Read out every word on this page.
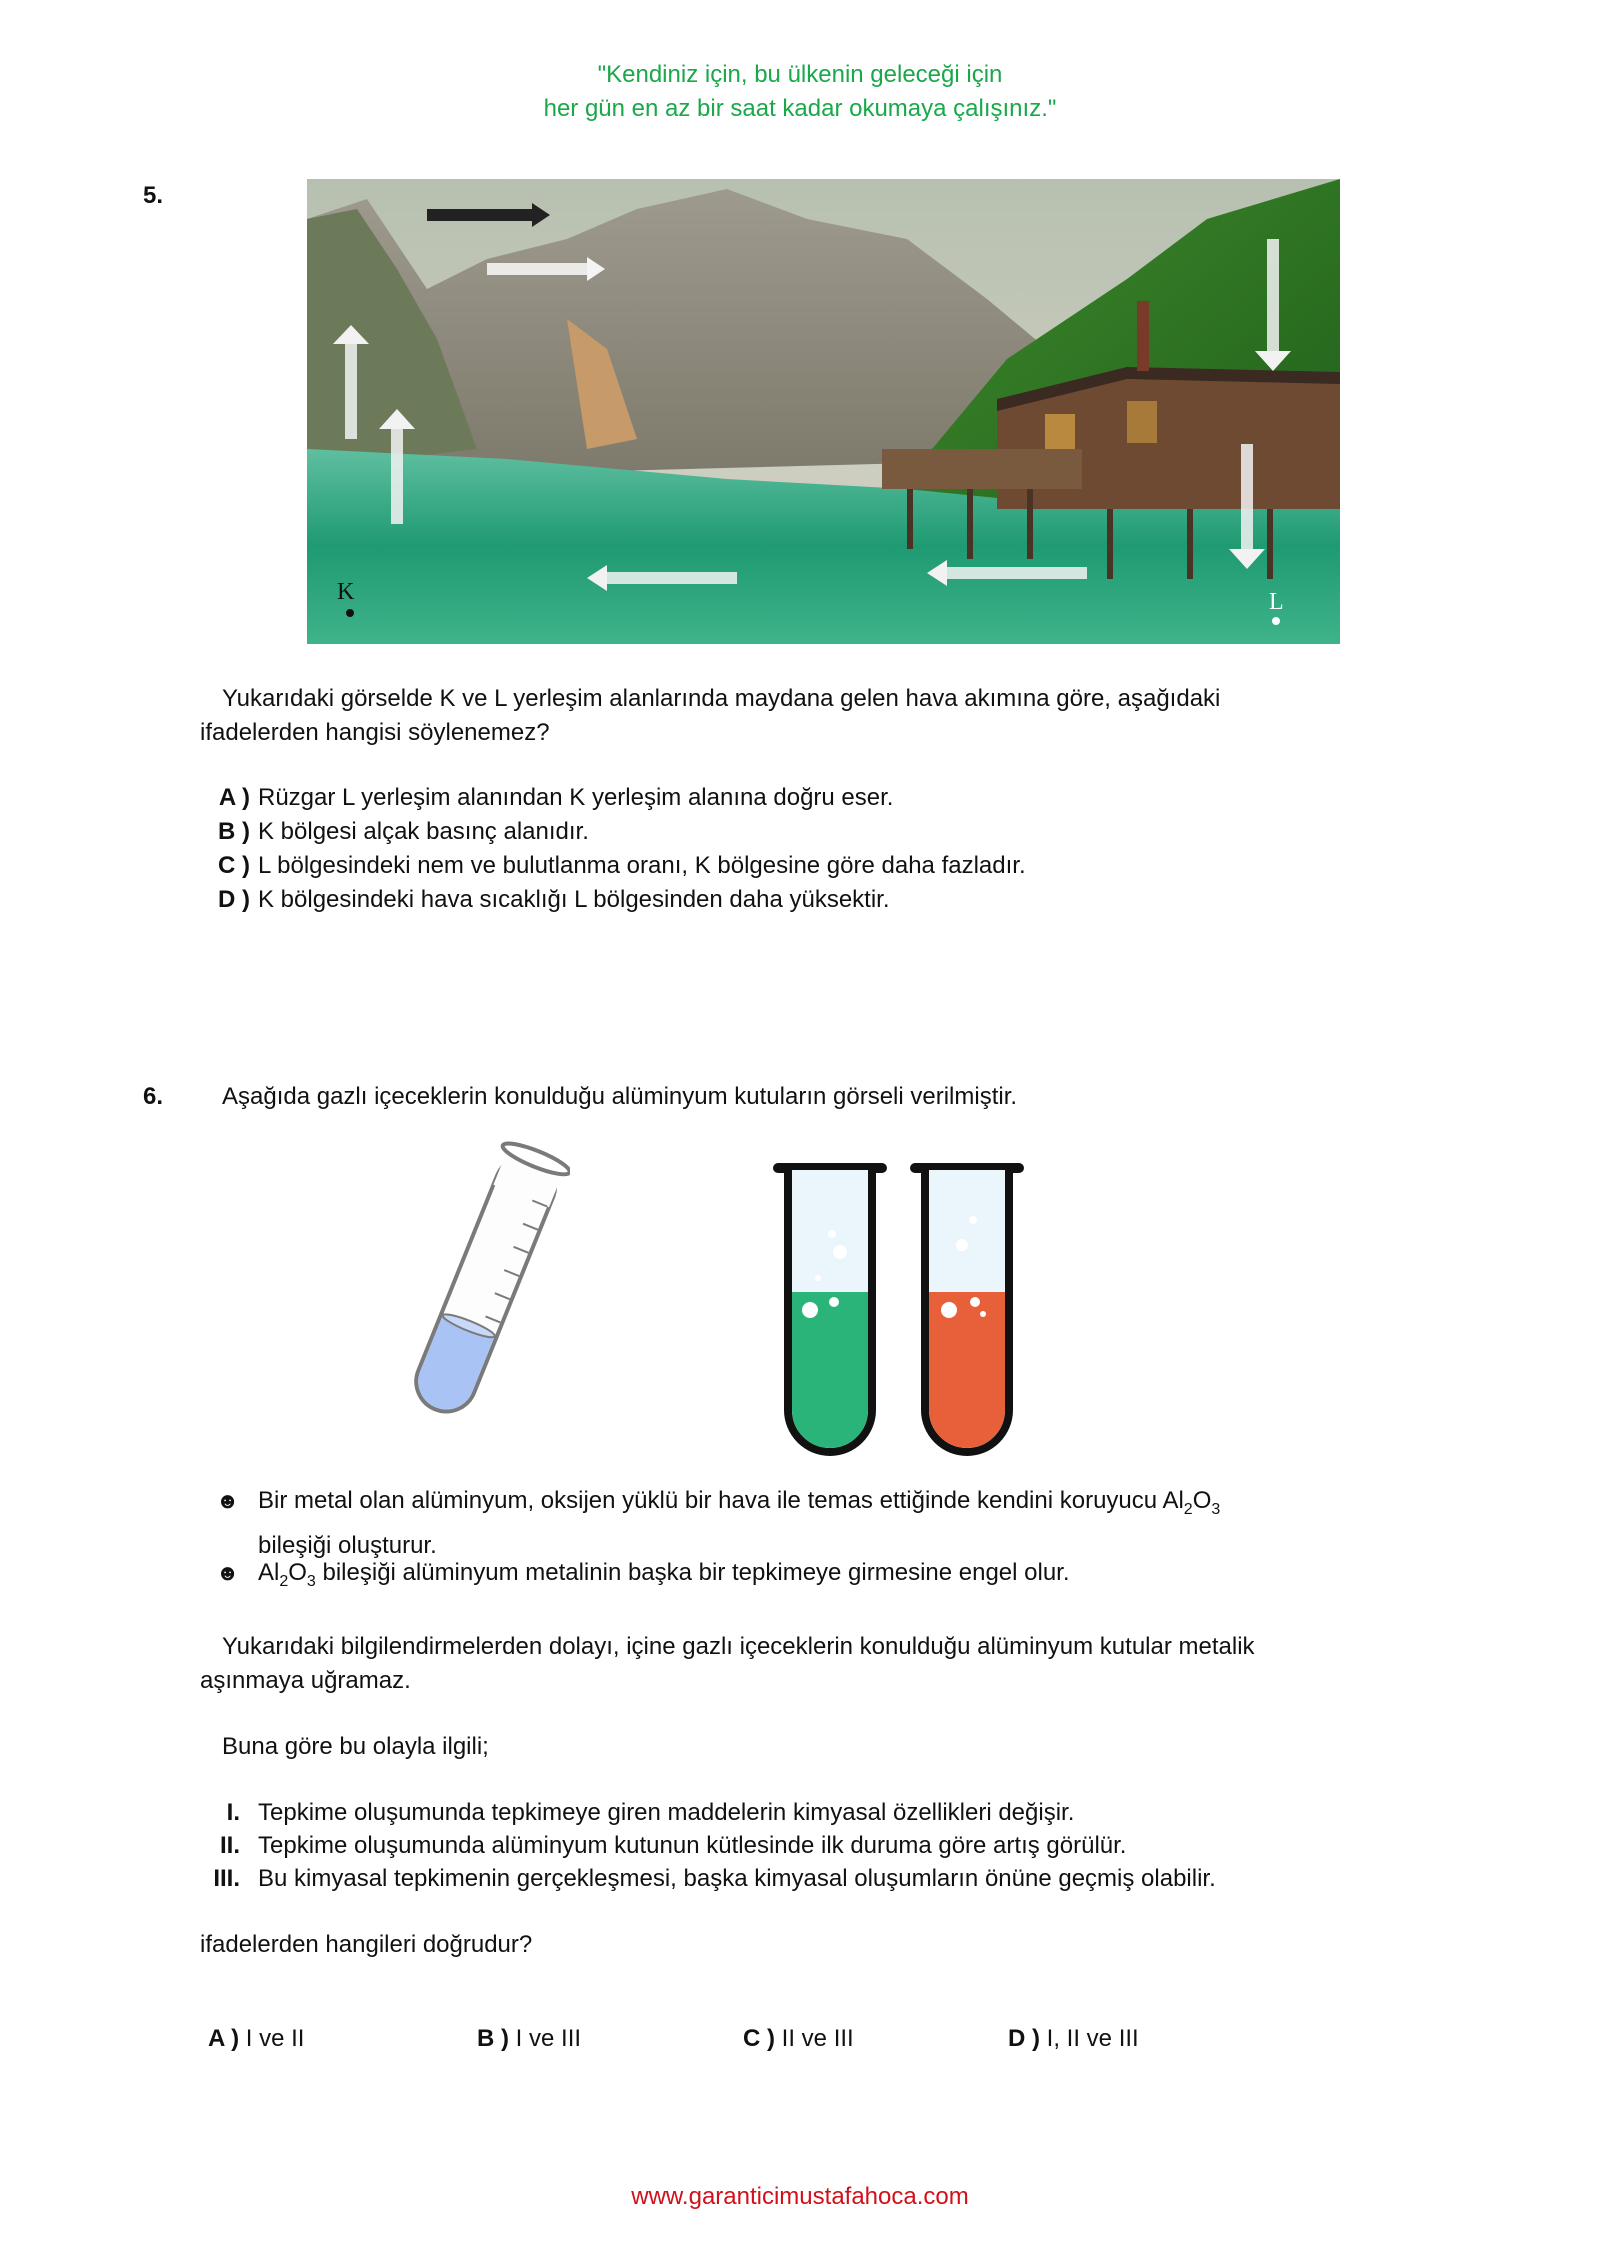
"Kendiniz için, bu ülkenin geleceği için
her gün en az bir saat kadar okumaya çalışınız."
5.
K	L
Yukarıdaki görselde K ve L yerleşim alanlarında maydana gelen hava akımına göre, aşağıdaki
ifadelerden hangisi söylenemez?
A ) Rüzgar L yerleşim alanından K yerleşim alanına doğru eser.
B ) K bölgesi alçak basınç alanıdır.
C ) L bölgesindeki nem ve bulutlanma oranı, K bölgesine göre daha fazladır.
D ) K bölgesindeki hava sıcaklığı L bölgesinden daha yüksektir.
6. Aşağıda gazlı içeceklerin konulduğu alüminyum kutuların görseli verilmiştir.
☻ Bir metal olan alüminyum, oksijen yüklü bir hava ile temas ettiğinde kendini koruyucu $Al_2O_3$
bileşiği oluşturur.
☻ $Al_2O_3$ bileşiği alüminyum metalinin başka bir tepkimeye girmesine engel olur.
Yukarıdaki bilgilendirmelerden dolayı, içine gazlı içeceklerin konulduğu alüminyum kutular metalik
aşınmaya uğramaz.
Buna göre bu olayla ilgili;
I. Tepkime oluşumunda tepkimeye giren maddelerin kimyasal özellikleri değişir.
II. Tepkime oluşumunda alüminyum kutunun kütlesinde ilk duruma göre artış görülür.
III. Bu kimyasal tepkimenin gerçekleşmesi, başka kimyasal oluşumların önüne geçmiş olabilir.
ifadelerden hangileri doğrudur?
A ) I ve II	B ) I ve III	C ) II ve III	D ) I, II ve III
www.garanticimustafahoca.com
